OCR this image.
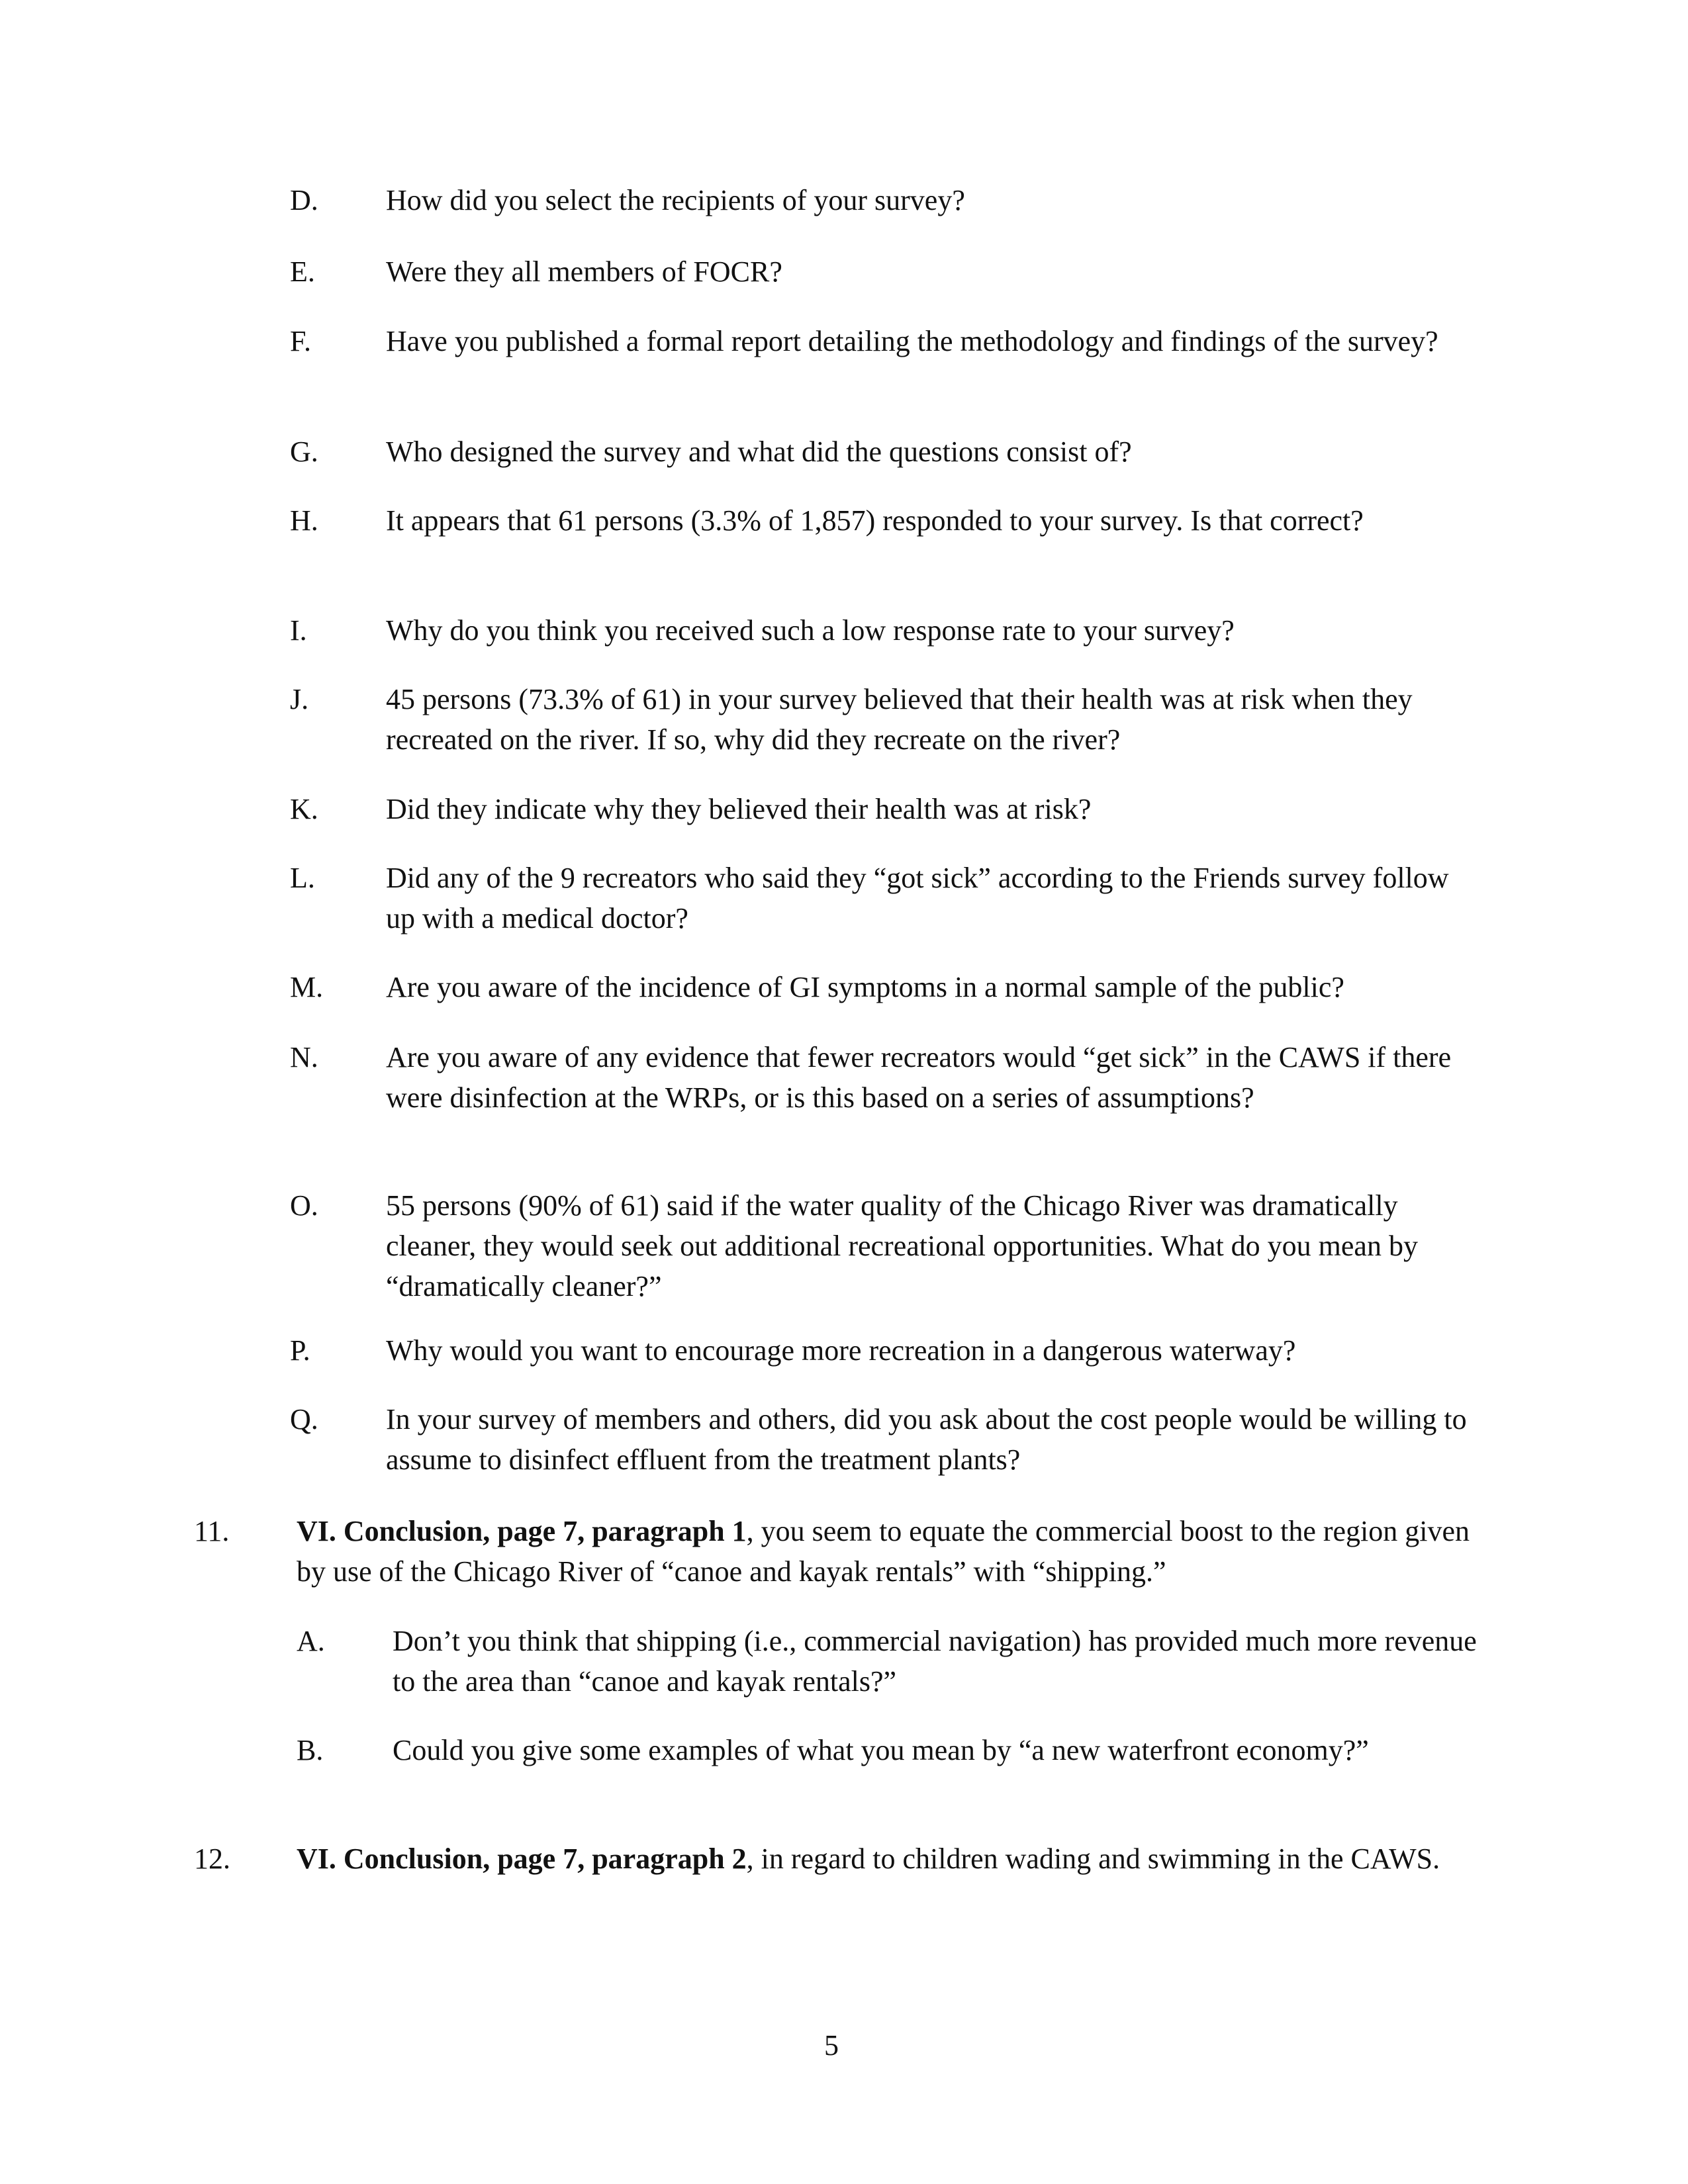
D. How did you select the recipients of your survey?
E. Were they all members of FOCR?
F.	Have you published a formal report detailing the methodology and findings of the survey?
G. Who designed the survey and what did the questions consist of?
H. It appears that 61 persons (3.3% of 1,857) responded to your survey. Is that correct?
I.	Why do you think you received such a low response rate to your survey?
J.	45 persons (73.3% of 61) in your survey believed that their health was at risk when they recreated on the river. If so, why did they recreate on the river?
K. Did they indicate why they believed their health was at risk?
L. Did any of the 9 recreators who said they “got sick” according to the Friends survey follow up with a medical doctor?
M. Are you aware of the incidence of GI symptoms in a normal sample of the public?
N. Are you aware of any evidence that fewer recreators would “get sick” in the CAWS if there were disinfection at the WRPs, or is this based on a series of assumptions?
O. 55 persons (90% of 61) said if the water quality of the Chicago River was dramatically cleaner, they would seek out additional recreational opportunities. What do you mean by “dramatically cleaner?”
P.	Why would you want to encourage more recreation in a dangerous waterway?
Q. In your survey of members and others, did you ask about the cost people would be willing to assume to disinfect effluent from the treatment plants?
11. VI. Conclusion, page 7, paragraph 1, you seem to equate the commercial boost to the region given by use of the Chicago River of “canoe and kayak rentals” with “shipping.”
A. Don’t you think that shipping (i.e., commercial navigation) has provided much more revenue to the area than “canoe and kayak rentals?”
B. Could you give some examples of what you mean by “a new waterfront economy?”
12. VI. Conclusion, page 7, paragraph 2, in regard to children wading and swimming in the CAWS.
5
